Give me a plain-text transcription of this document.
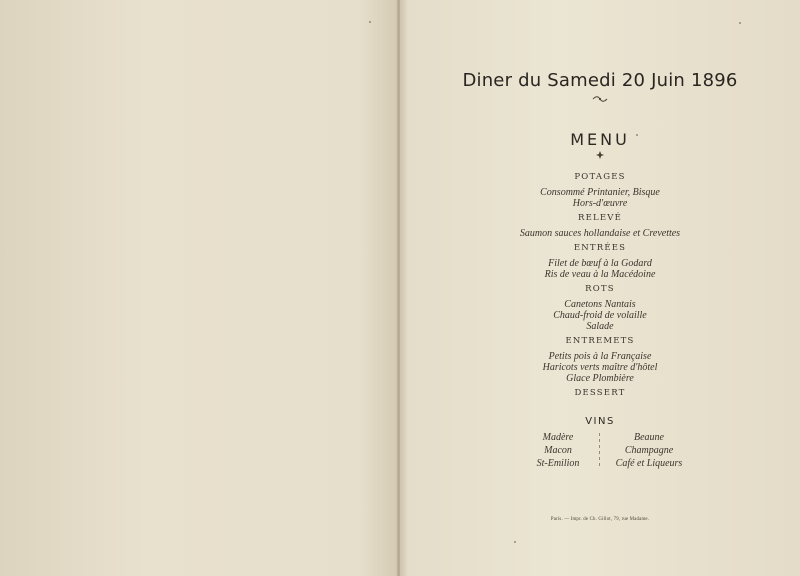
Diner du Samedi 20 Juin 1896
MENU
POTAGES
Consommé Printanier, Bisque
Hors-d'œuvre
RELEVÉ
Saumon sauces hollandaise et Crevettes
ENTRÉES
Filet de bœuf à la Godard
Ris de veau à la Macédoine
ROTS
Canetons Nantais
Chaud-froid de volaille
Salade
ENTREMETS
Petits pois à la Française
Haricots verts maître d'hôtel
Glace Plombière
DESSERT
VINS
Madère
Macon
St-Emilion
Beaune
Champagne
Café et Liqueurs
Paris. — Impr. de Ch. Gillot, 79, rue Madame.
